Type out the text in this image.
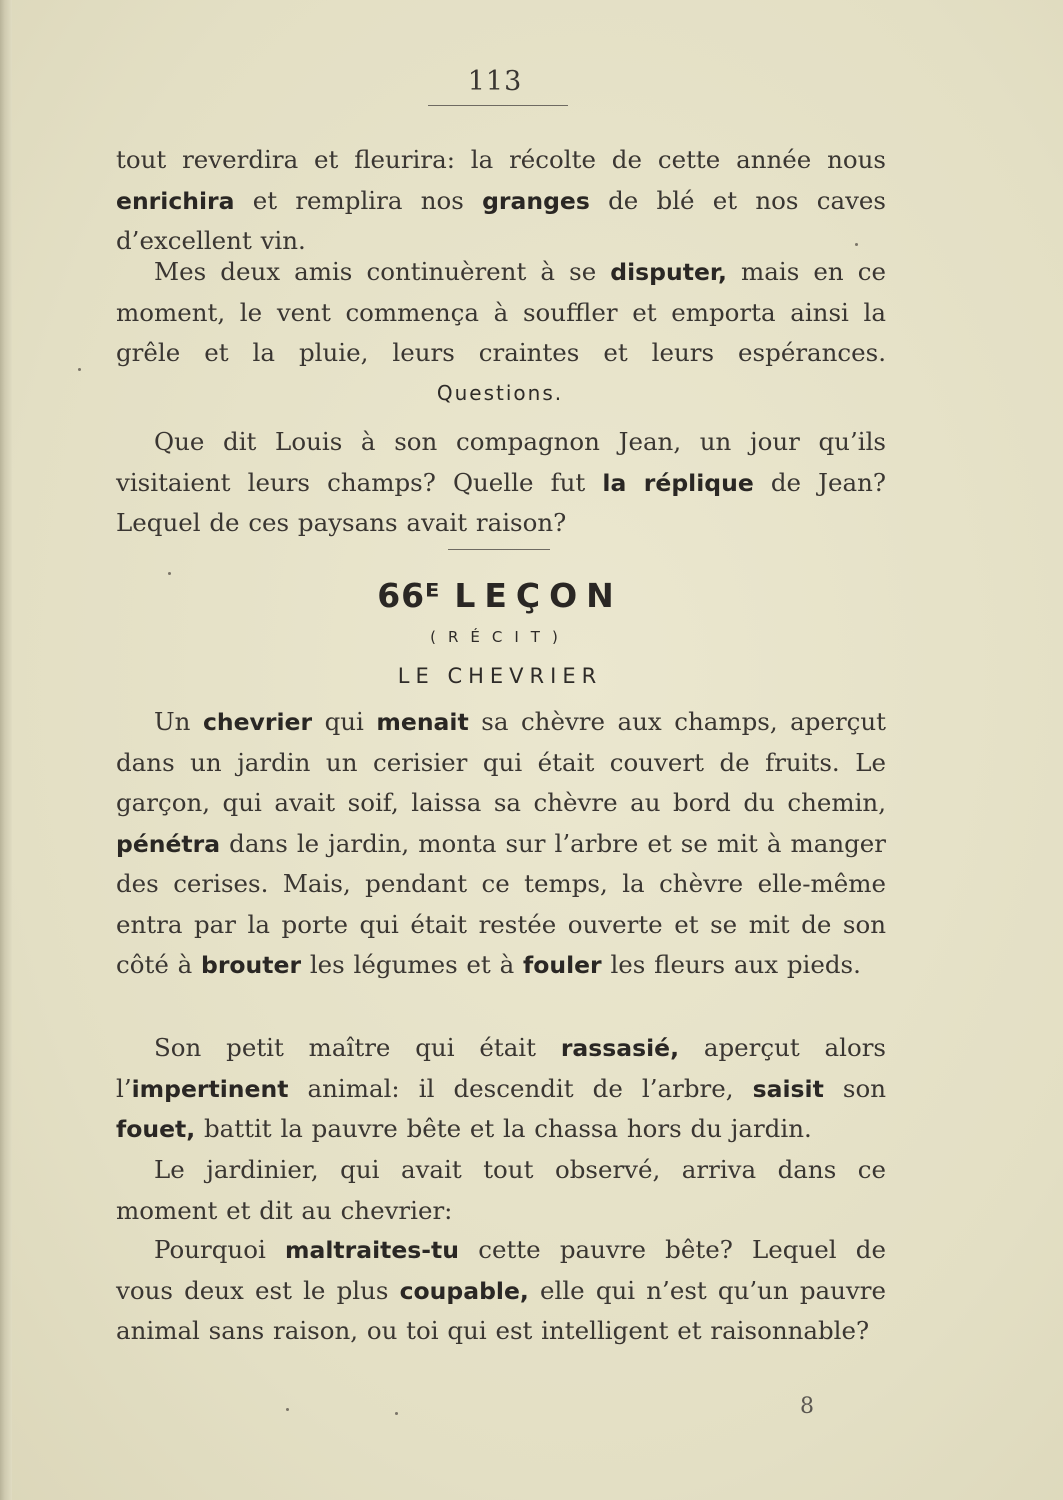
113

tout reverdira et fleurira: la récolte de cette année nous enrichira et remplira nos granges de blé et nos caves d’excellent vin.

Mes deux amis continuèrent à se disputer, mais en ce moment, le vent commença à souffler et emporta ainsi la grêle et la pluie, leurs craintes et leurs espérances.

Questions.

Que dit Louis à son compagnon Jean, un jour qu’ils visitaient leurs champs? Quelle fut la réplique de Jean? Lequel de ces paysans avait raison?

66ᴱ LEÇON
(RÉCIT)
LE CHEVRIER

Un chevrier qui menait sa chèvre aux champs, aperçut dans un jardin un cerisier qui était couvert de fruits. Le garçon, qui avait soif, laissa sa chèvre au bord du chemin, pénétra dans le jardin, monta sur l’arbre et se mit à manger des cerises. Mais, pendant ce temps, la chèvre elle-même entra par la porte qui était restée ouverte et se mit de son côté à brouter les légumes et à fouler les fleurs aux pieds.

Son petit maître qui était rassasié, aperçut alors l’impertinent animal: il descendit de l’arbre, saisit son fouet, battit la pauvre bête et la chassa hors du jardin.

Le jardinier, qui avait tout observé, arriva dans ce moment et dit au chevrier:

Pourquoi maltraites-tu cette pauvre bête? Lequel de vous deux est le plus coupable, elle qui n’est qu’un pauvre animal sans raison, ou toi qui est intelligent et raisonnable?

8
